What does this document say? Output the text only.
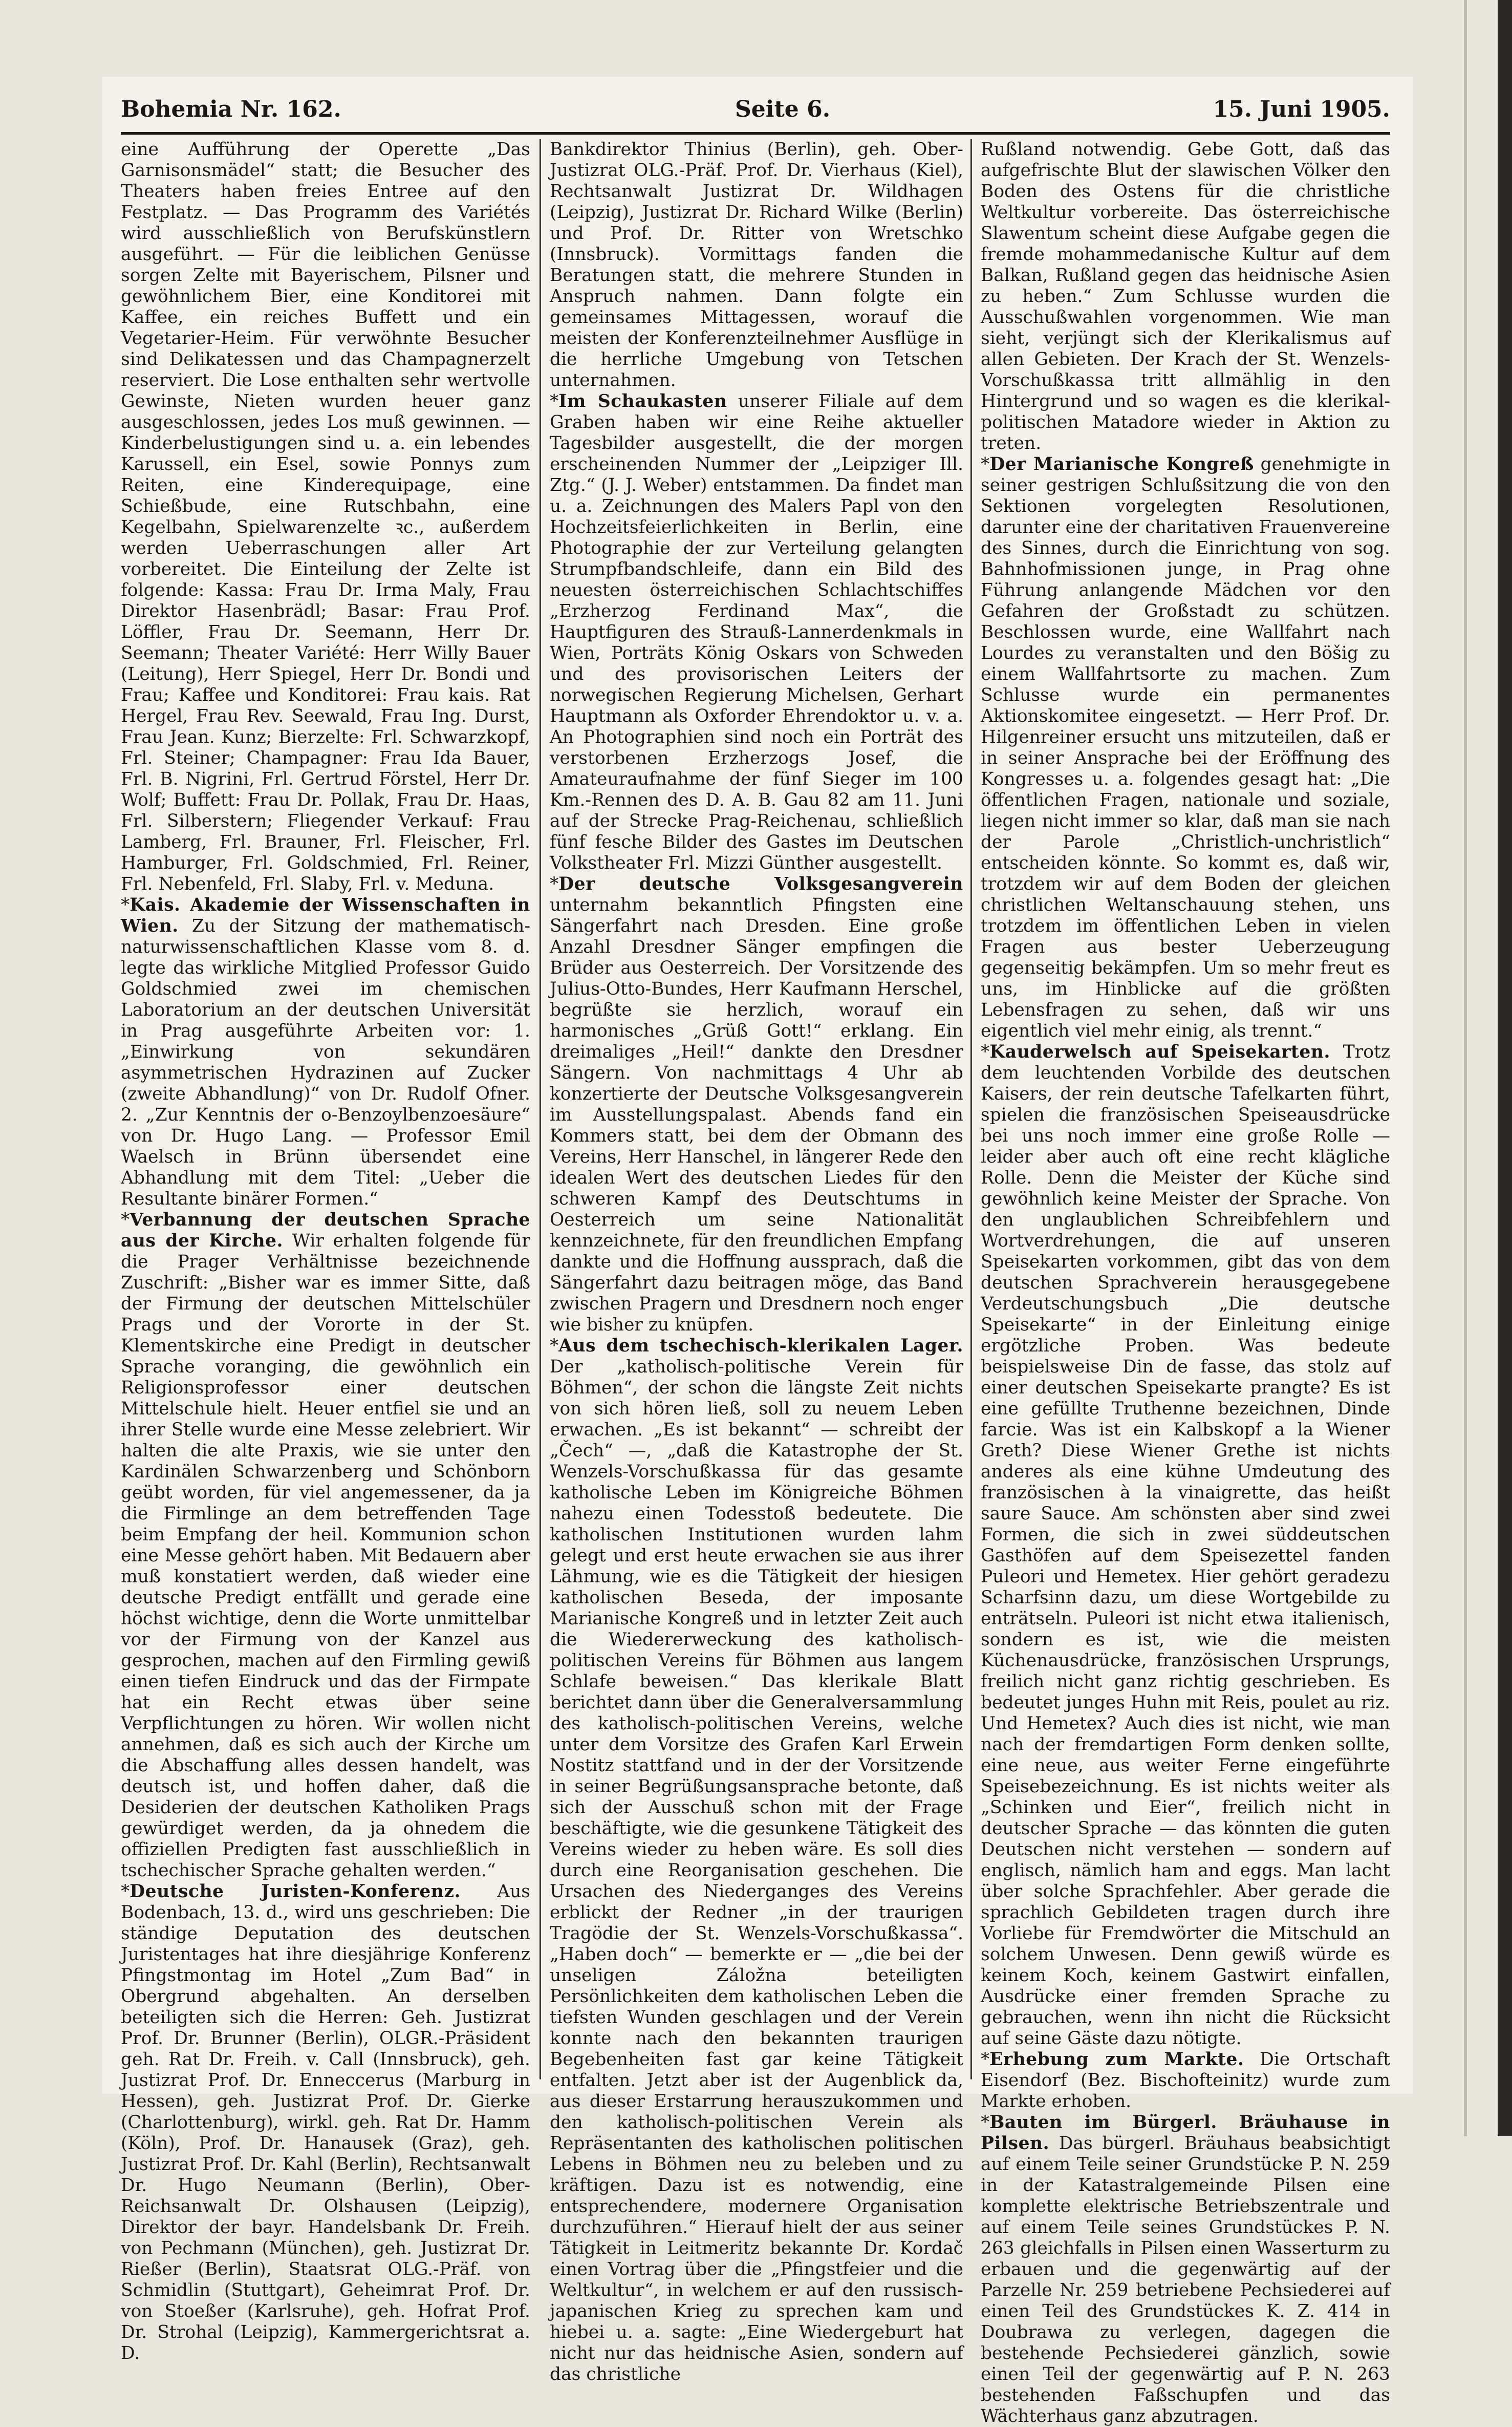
Bohemia Nr. 162.	Seite 6.	15. Juni 1905.

eine Aufführung der Operette „Das Garnisonsmädel“ statt; die Besucher des Theaters haben freies Entree auf den Festplatz. — Das Programm des Variétés wird ausschließlich von Berufskünstlern ausgeführt. — Für die leiblichen Genüsse sorgen Zelte mit Bayerischem, Pilsner und gewöhnlichem Bier, eine Konditorei mit Kaffee, ein reiches Buffett und ein Vegetarier-Heim. Für verwöhnte Besucher sind Delikatessen und das Champagnerzelt reserviert. Die Lose enthalten sehr wertvolle Gewinste, Nieten wurden heuer ganz ausgeschlossen, jedes Los muß gewinnen. — Kinderbelustigungen sind u. a. ein lebendes Karussell, ein Esel, sowie Ponnys zum Reiten, eine Kinderequipage, eine Schießbude, eine Rutschbahn, eine Kegelbahn, Spielwarenzelte ꝛc., außerdem werden Ueberraschungen aller Art vorbereitet. Die Einteilung der Zelte ist folgende: Kassa: Frau Dr. Irma Maly, Frau Direktor Hasenbrädl; Basar: Frau Prof. Löffler, Frau Dr. Seemann, Herr Dr. Seemann; Theater Variété: Herr Willy Bauer (Leitung), Herr Spiegel, Herr Dr. Bondi und Frau; Kaffee und Konditorei: Frau kais. Rat Hergel, Frau Rev. Seewald, Frau Ing. Durst, Frau Jean. Kunz; Bierzelte: Frl. Schwarzkopf, Frl. Steiner; Champagner: Frau Ida Bauer, Frl. B. Nigrini, Frl. Gertrud Förstel, Herr Dr. Wolf; Buffett: Frau Dr. Pollak, Frau Dr. Haas, Frl. Silberstern; Fliegender Verkauf: Frau Lamberg, Frl. Brauner, Frl. Fleischer, Frl. Hamburger, Frl. Goldschmied, Frl. Reiner, Frl. Nebenfeld, Frl. Slaby, Frl. v. Meduna.

*Kais. Akademie der Wissenschaften in Wien. Zu der Sitzung der mathematisch-naturwissenschaftlichen Klasse vom 8. d. legte das wirkliche Mitglied Professor Guido Goldschmied zwei im chemischen Laboratorium an der deutschen Universität in Prag ausgeführte Arbeiten vor: 1. „Einwirkung von sekundären asymmetrischen Hydrazinen auf Zucker (zweite Abhandlung)“ von Dr. Rudolf Ofner. 2. „Zur Kenntnis der o-Benzoylbenzoesäure“ von Dr. Hugo Lang. — Professor Emil Waelsch in Brünn übersendet eine Abhandlung mit dem Titel: „Ueber die Resultante binärer Formen.“

*Verbannung der deutschen Sprache aus der Kirche. Wir erhalten folgende für die Prager Verhältnisse bezeichnende Zuschrift: „Bisher war es immer Sitte, daß der Firmung der deutschen Mittelschüler Prags und der Vororte in der St. Klementskirche eine Predigt in deutscher Sprache voranging, die gewöhnlich ein Religionsprofessor einer deutschen Mittelschule hielt. Heuer entfiel sie und an ihrer Stelle wurde eine Messe zelebriert. Wir halten die alte Praxis, wie sie unter den Kardinälen Schwarzenberg und Schönborn geübt worden, für viel angemessener, da ja die Firmlinge an dem betreffenden Tage beim Empfang der heil. Kommunion schon eine Messe gehört haben. Mit Bedauern aber muß konstatiert werden, daß wieder eine deutsche Predigt entfällt und gerade eine höchst wichtige, denn die Worte unmittelbar vor der Firmung von der Kanzel aus gesprochen, machen auf den Firmling gewiß einen tiefen Eindruck und das der Firmpate hat ein Recht etwas über seine Verpflichtungen zu hören. Wir wollen nicht annehmen, daß es sich auch der Kirche um die Abschaffung alles dessen handelt, was deutsch ist, und hoffen daher, daß die Desiderien der deutschen Katholiken Prags gewürdiget werden, da ja ohnedem die offiziellen Predigten fast ausschließlich in tschechischer Sprache gehalten werden.“

*Deutsche Juristen-Konferenz. Aus Bodenbach, 13. d., wird uns geschrieben: Die ständige Deputation des deutschen Juristentages hat ihre diesjährige Konferenz Pfingstmontag im Hotel „Zum Bad“ in Obergrund abgehalten. An derselben beteiligten sich die Herren: Geh. Justizrat Prof. Dr. Brunner (Berlin), OLGR.-Präsident geh. Rat Dr. Freih. v. Call (Innsbruck), geh. Justizrat Prof. Dr. Enneccerus (Marburg in Hessen), geh. Justizrat Prof. Dr. Gierke (Charlottenburg), wirkl. geh. Rat Dr. Hamm (Köln), Prof. Dr. Hanausek (Graz), geh. Justizrat Prof. Dr. Kahl (Berlin), Rechtsanwalt Dr. Hugo Neumann (Berlin), Ober-Reichsanwalt Dr. Olshausen (Leipzig), Direktor der bayr. Handelsbank Dr. Freih. von Pechmann (München), geh. Justizrat Dr. Rießer (Berlin), Staatsrat OLG.-Präf. von Schmidlin (Stuttgart), Geheimrat Prof. Dr. von Stoeßer (Karlsruhe), geh. Hofrat Prof. Dr. Strohal (Leipzig), Kammergerichtsrat a. D.

Bankdirektor Thinius (Berlin), geh. Ober-Justizrat OLG.-Präf. Prof. Dr. Vierhaus (Kiel), Rechtsanwalt Justizrat Dr. Wildhagen (Leipzig), Justizrat Dr. Richard Wilke (Berlin) und Prof. Dr. Ritter von Wretschko (Innsbruck). Vormittags fanden die Beratungen statt, die mehrere Stunden in Anspruch nahmen. Dann folgte ein gemeinsames Mittagessen, worauf die meisten der Konferenzteilnehmer Ausflüge in die herrliche Umgebung von Tetschen unternahmen.

*Im Schaukasten unserer Filiale auf dem Graben haben wir eine Reihe aktueller Tagesbilder ausgestellt, die der morgen erscheinenden Nummer der „Leipziger Ill. Ztg.“ (J. J. Weber) entstammen. Da findet man u. a. Zeichnungen des Malers Papl von den Hochzeitsfeierlichkeiten in Berlin, eine Photographie der zur Verteilung gelangten Strumpfbandschleife, dann ein Bild des neuesten österreichischen Schlachtschiffes „Erzherzog Ferdinand Max“, die Hauptfiguren des Strauß-Lannerdenkmals in Wien, Porträts König Oskars von Schweden und des provisorischen Leiters der norwegischen Regierung Michelsen, Gerhart Hauptmann als Oxforder Ehrendoktor u. v. a. An Photographien sind noch ein Porträt des verstorbenen Erzherzogs Josef, die Amateuraufnahme der fünf Sieger im 100 Km.-Rennen des D. A. B. Gau 82 am 11. Juni auf der Strecke Prag-Reichenau, schließlich fünf fesche Bilder des Gastes im Deutschen Volkstheater Frl. Mizzi Günther ausgestellt.

*Der deutsche Volksgesangverein unternahm bekanntlich Pfingsten eine Sängerfahrt nach Dresden. Eine große Anzahl Dresdner Sänger empfingen die Brüder aus Oesterreich. Der Vorsitzende des Julius-Otto-Bundes, Herr Kaufmann Herschel, begrüßte sie herzlich, worauf ein harmonisches „Grüß Gott!“ erklang. Ein dreimaliges „Heil!“ dankte den Dresdner Sängern. Von nachmittags 4 Uhr ab konzertierte der Deutsche Volksgesangverein im Ausstellungspalast. Abends fand ein Kommers statt, bei dem der Obmann des Vereins, Herr Hanschel, in längerer Rede den idealen Wert des deutschen Liedes für den schweren Kampf des Deutschtums in Oesterreich um seine Nationalität kennzeichnete, für den freundlichen Empfang dankte und die Hoffnung aussprach, daß die Sängerfahrt dazu beitragen möge, das Band zwischen Pragern und Dresdnern noch enger wie bisher zu knüpfen.

*Aus dem tschechisch-klerikalen Lager. Der „katholisch-politische Verein für Böhmen“, der schon die längste Zeit nichts von sich hören ließ, soll zu neuem Leben erwachen. „Es ist bekannt“ — schreibt der „Čech“ —, „daß die Katastrophe der St. Wenzels-Vorschußkassa für das gesamte katholische Leben im Königreiche Böhmen nahezu einen Todesstoß bedeutete. Die katholischen Institutionen wurden lahm gelegt und erst heute erwachen sie aus ihrer Lähmung, wie es die Tätigkeit der hiesigen katholischen Beseda, der imposante Marianische Kongreß und in letzter Zeit auch die Wiedererweckung des katholisch-politischen Vereins für Böhmen aus langem Schlafe beweisen.“ Das klerikale Blatt berichtet dann über die Generalversammlung des katholisch-politischen Vereins, welche unter dem Vorsitze des Grafen Karl Erwein Nostitz stattfand und in der der Vorsitzende in seiner Begrüßungsansprache betonte, daß sich der Ausschuß schon mit der Frage beschäftigte, wie die gesunkene Tätigkeit des Vereins wieder zu heben wäre. Es soll dies durch eine Reorganisation geschehen. Die Ursachen des Niederganges des Vereins erblickt der Redner „in der traurigen Tragödie der St. Wenzels-Vorschußkassa“. „Haben doch“ — bemerkte er — „die bei der unseligen Záložna beteiligten Persönlichkeiten dem katholischen Leben die tiefsten Wunden geschlagen und der Verein konnte nach den bekannten traurigen Begebenheiten fast gar keine Tätigkeit entfalten. Jetzt aber ist der Augenblick da, aus dieser Erstarrung herauszukommen und den katholisch-politischen Verein als Repräsentanten des katholischen politischen Lebens in Böhmen neu zu beleben und zu kräftigen. Dazu ist es notwendig, eine entsprechendere, modernere Organisation durchzuführen.“ Hierauf hielt der aus seiner Tätigkeit in Leitmeritz bekannte Dr. Kordač einen Vortrag über die „Pfingstfeier und die Weltkultur“, in welchem er auf den russisch-japanischen Krieg zu sprechen kam und hiebei u. a. sagte: „Eine Wiedergeburt hat nicht nur das heidnische Asien, sondern auf das christliche

Rußland notwendig. Gebe Gott, daß das aufgefrischte Blut der slawischen Völker den Boden des Ostens für die christliche Weltkultur vorbereite. Das österreichische Slawentum scheint diese Aufgabe gegen die fremde mohammedanische Kultur auf dem Balkan, Rußland gegen das heidnische Asien zu heben.“ Zum Schlusse wurden die Ausschußwahlen vorgenommen. Wie man sieht, verjüngt sich der Klerikalismus auf allen Gebieten. Der Krach der St. Wenzels-Vorschußkassa tritt allmählig in den Hintergrund und so wagen es die klerikal-politischen Matadore wieder in Aktion zu treten.

*Der Marianische Kongreß genehmigte in seiner gestrigen Schlußsitzung die von den Sektionen vorgelegten Resolutionen, darunter eine der charitativen Frauenvereine des Sinnes, durch die Einrichtung von sog. Bahnhofmissionen junge, in Prag ohne Führung anlangende Mädchen vor den Gefahren der Großstadt zu schützen. Beschlossen wurde, eine Wallfahrt nach Lourdes zu veranstalten und den Böšig zu einem Wallfahrtsorte zu machen. Zum Schlusse wurde ein permanentes Aktionskomitee eingesetzt. — Herr Prof. Dr. Hilgenreiner ersucht uns mitzuteilen, daß er in seiner Ansprache bei der Eröffnung des Kongresses u. a. folgendes gesagt hat: „Die öffentlichen Fragen, nationale und soziale, liegen nicht immer so klar, daß man sie nach der Parole „Christlich-unchristlich“ entscheiden könnte. So kommt es, daß wir, trotzdem wir auf dem Boden der gleichen christlichen Weltanschauung stehen, uns trotzdem im öffentlichen Leben in vielen Fragen aus bester Ueberzeugung gegenseitig bekämpfen. Um so mehr freut es uns, im Hinblicke auf die größten Lebensfragen zu sehen, daß wir uns eigentlich viel mehr einig, als trennt.“

*Kauderwelsch auf Speisekarten. Trotz dem leuchtenden Vorbilde des deutschen Kaisers, der rein deutsche Tafelkarten führt, spielen die französischen Speiseausdrücke bei uns noch immer eine große Rolle — leider aber auch oft eine recht klägliche Rolle. Denn die Meister der Küche sind gewöhnlich keine Meister der Sprache. Von den unglaublichen Schreibfehlern und Wortverdrehungen, die auf unseren Speisekarten vorkommen, gibt das von dem deutschen Sprachverein herausgegebene Verdeutschungsbuch „Die deutsche Speisekarte“ in der Einleitung einige ergötzliche Proben. Was bedeute beispielsweise Din de fasse, das stolz auf einer deutschen Speisekarte prangte? Es ist eine gefüllte Truthenne bezeichnen, Dinde farcie. Was ist ein Kalbskopf a la Wiener Greth? Diese Wiener Grethe ist nichts anderes als eine kühne Umdeutung des französischen à la vinaigrette, das heißt saure Sauce. Am schönsten aber sind zwei Formen, die sich in zwei süddeutschen Gasthöfen auf dem Speisezettel fanden Puleori und Hemetex. Hier gehört geradezu Scharfsinn dazu, um diese Wortgebilde zu enträtseln. Puleori ist nicht etwa italienisch, sondern es ist, wie die meisten Küchenausdrücke, französischen Ursprungs, freilich nicht ganz richtig geschrieben. Es bedeutet junges Huhn mit Reis, poulet au riz. Und Hemetex? Auch dies ist nicht, wie man nach der fremdartigen Form denken sollte, eine neue, aus weiter Ferne eingeführte Speisebezeichnung. Es ist nichts weiter als „Schinken und Eier“, freilich nicht in deutscher Sprache — das könnten die guten Deutschen nicht verstehen — sondern auf englisch, nämlich ham and eggs. Man lacht über solche Sprachfehler. Aber gerade die sprachlich Gebildeten tragen durch ihre Vorliebe für Fremdwörter die Mitschuld an solchem Unwesen. Denn gewiß würde es keinem Koch, keinem Gastwirt einfallen, Ausdrücke einer fremden Sprache zu gebrauchen, wenn ihn nicht die Rücksicht auf seine Gäste dazu nötigte.

*Erhebung zum Markte. Die Ortschaft Eisendorf (Bez. Bischofteinitz) wurde zum Markte erhoben.

*Bauten im Bürgerl. Bräuhause in Pilsen. Das bürgerl. Bräuhaus beabsichtigt auf einem Teile seiner Grundstücke P. N. 259 in der Katastralgemeinde Pilsen eine komplette elektrische Betriebszentrale und auf einem Teile seines Grundstückes P. N. 263 gleichfalls in Pilsen einen Wasserturm zu erbauen und die gegenwärtig auf der Parzelle Nr. 259 betriebene Pechsiederei auf einen Teil des Grundstückes K. Z. 414 in Doubrawa zu verlegen, dagegen die bestehende Pechsiederei gänzlich, sowie einen Teil der gegenwärtig auf P. N. 263 bestehenden Faßschupfen und das Wächterhaus ganz abzutragen.
